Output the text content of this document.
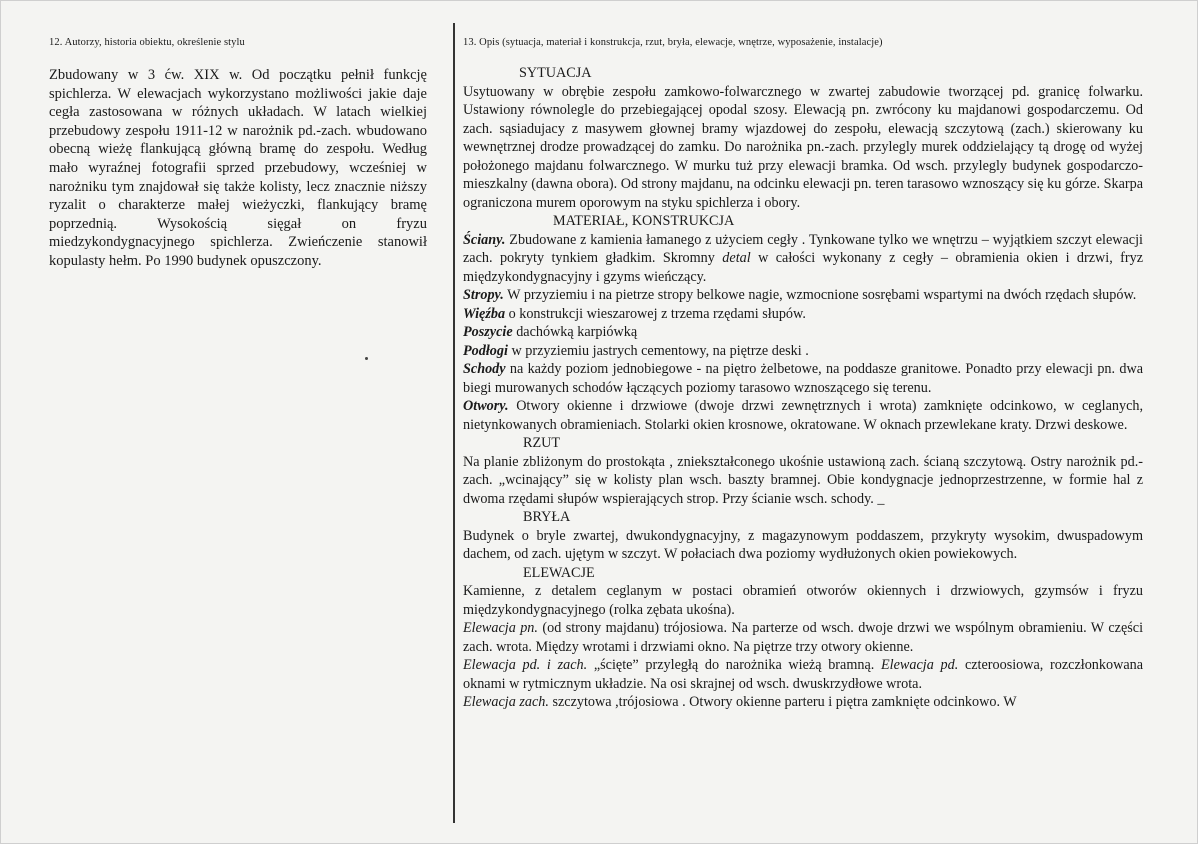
12. Autorzy, historia obiektu, określenie stylu

Zbudowany w 3 ćw. XIX w. Od początku pełnił funkcję spichlerza. W elewacjach wykorzystano możliwości jakie daje cegła zastosowana w różnych układach. W latach wielkiej przebudowy zespołu 1911-12 w narożnik pd.-zach. wbudowano obecną wieżę flankującą główną bramę do zespołu. Według mało wyraźnej fotografii sprzed przebudowy, wcześniej w narożniku tym znajdował się także kolisty, lecz znacznie niższy ryzalit o charakterze małej wieżyczki, flankujący bramę poprzednią. Wysokością sięgał on fryzu miedzykondygnacyjnego spichlerza. Zwieńczenie stanowił kopulasty hełm. Po 1990 budynek opuszczony.

13. Opis (sytuacja, materiał i konstrukcja, rzut, bryła, elewacje, wnętrze, wyposażenie, instalacje)

SYTUACJA

Usytuowany w obrębie zespołu zamkowo-folwarcznego w zwartej zabudowie tworzącej pd. granicę folwarku. Ustawiony równolegle do przebiegającej opodal szosy. Elewacją pn. zwrócony ku majdanowi gospodarczemu. Od zach. sąsiadujacy z masywem głownej bramy wjazdowej do zespołu, elewacją szczytową (zach.) skierowany ku wewnętrznej drodze prowadzącej do zamku. Do narożnika pn.-zach. przylegly murek oddzielający tą drogę od wyżej położonego majdanu folwarcznego. W murku tuż przy elewacji bramka. Od wsch. przylegly budynek gospodarczo-mieszkalny (dawna obora). Od strony majdanu, na odcinku elewacji pn. teren tarasowo wznoszący się ku górze. Skarpa ograniczona murem oporowym na styku spichlerza i obory.

MATERIAŁ, KONSTRUKCJA

Ściany. Zbudowane z kamienia łamanego z użyciem cegły . Tynkowane tylko we wnętrzu – wyjątkiem szczyt elewacji zach. pokryty tynkiem gładkim. Skromny detal w całości wykonany z cegły – obramienia okien i drzwi, fryz międzykondygnacyjny i gzyms wieńczący.

Stropy. W przyziemiu i na pietrze stropy belkowe nagie, wzmocnione sosrębami wspartymi na dwóch rzędach słupów.

Więźba o konstrukcji wieszarowej z trzema rzędami słupów.

Poszycie dachówką karpiówką

Podłogi w przyziemiu jastrych cementowy, na piętrze deski .

Schody na każdy poziom jednobiegowe - na piętro żelbetowe, na poddasze granitowe. Ponadto przy elewacji pn. dwa biegi murowanych schodów łączących poziomy tarasowo wznoszącego się terenu.

Otwory. Otwory okienne i drzwiowe (dwoje drzwi zewnętrznych i wrota) zamknięte odcinkowo, w ceglanych, nietynkowanych obramieniach. Stolarki okien krosnowe, okratowane. W oknach przewlekane kraty. Drzwi deskowe.

RZUT

Na planie zbliżonym do prostokąta , zniekształconego ukośnie ustawioną zach. ścianą szczytową. Ostry narożnik pd.-zach. „wcinający” się w kolisty plan wsch. baszty bramnej. Obie kondygnacje jednoprzestrzenne, w formie hal z dwoma rzędami słupów wspierających strop. Przy ścianie wsch. schody. _

BRYŁA

Budynek o bryle zwartej, dwukondygnacyjny, z magazynowym poddaszem, przykryty wysokim, dwuspadowym dachem, od zach. ujętym w szczyt. W połaciach dwa poziomy wydłużonych okien powiekowych.

ELEWACJE

Kamienne, z detalem ceglanym w postaci obramień otworów okiennych i drzwiowych, gzymsów i fryzu międzykondygnacyjnego (rolka zębata ukośna).

Elewacja pn. (od strony majdanu) trójosiowa. Na parterze od wsch. dwoje drzwi we wspólnym obramieniu. W części zach. wrota. Między wrotami i drzwiami okno. Na piętrze trzy otwory okienne.

Elewacja pd. i zach. „ścięte” przyległą do narożnika wieżą bramną. Elewacja pd. czteroosiowa, rozczłonkowana oknami w rytmicznym układzie. Na osi skrajnej od wsch. dwuskrzydłowe wrota.

Elewacja zach. szczytowa ,trójosiowa . Otwory okienne parteru i piętra zamknięte odcinkowo. W
